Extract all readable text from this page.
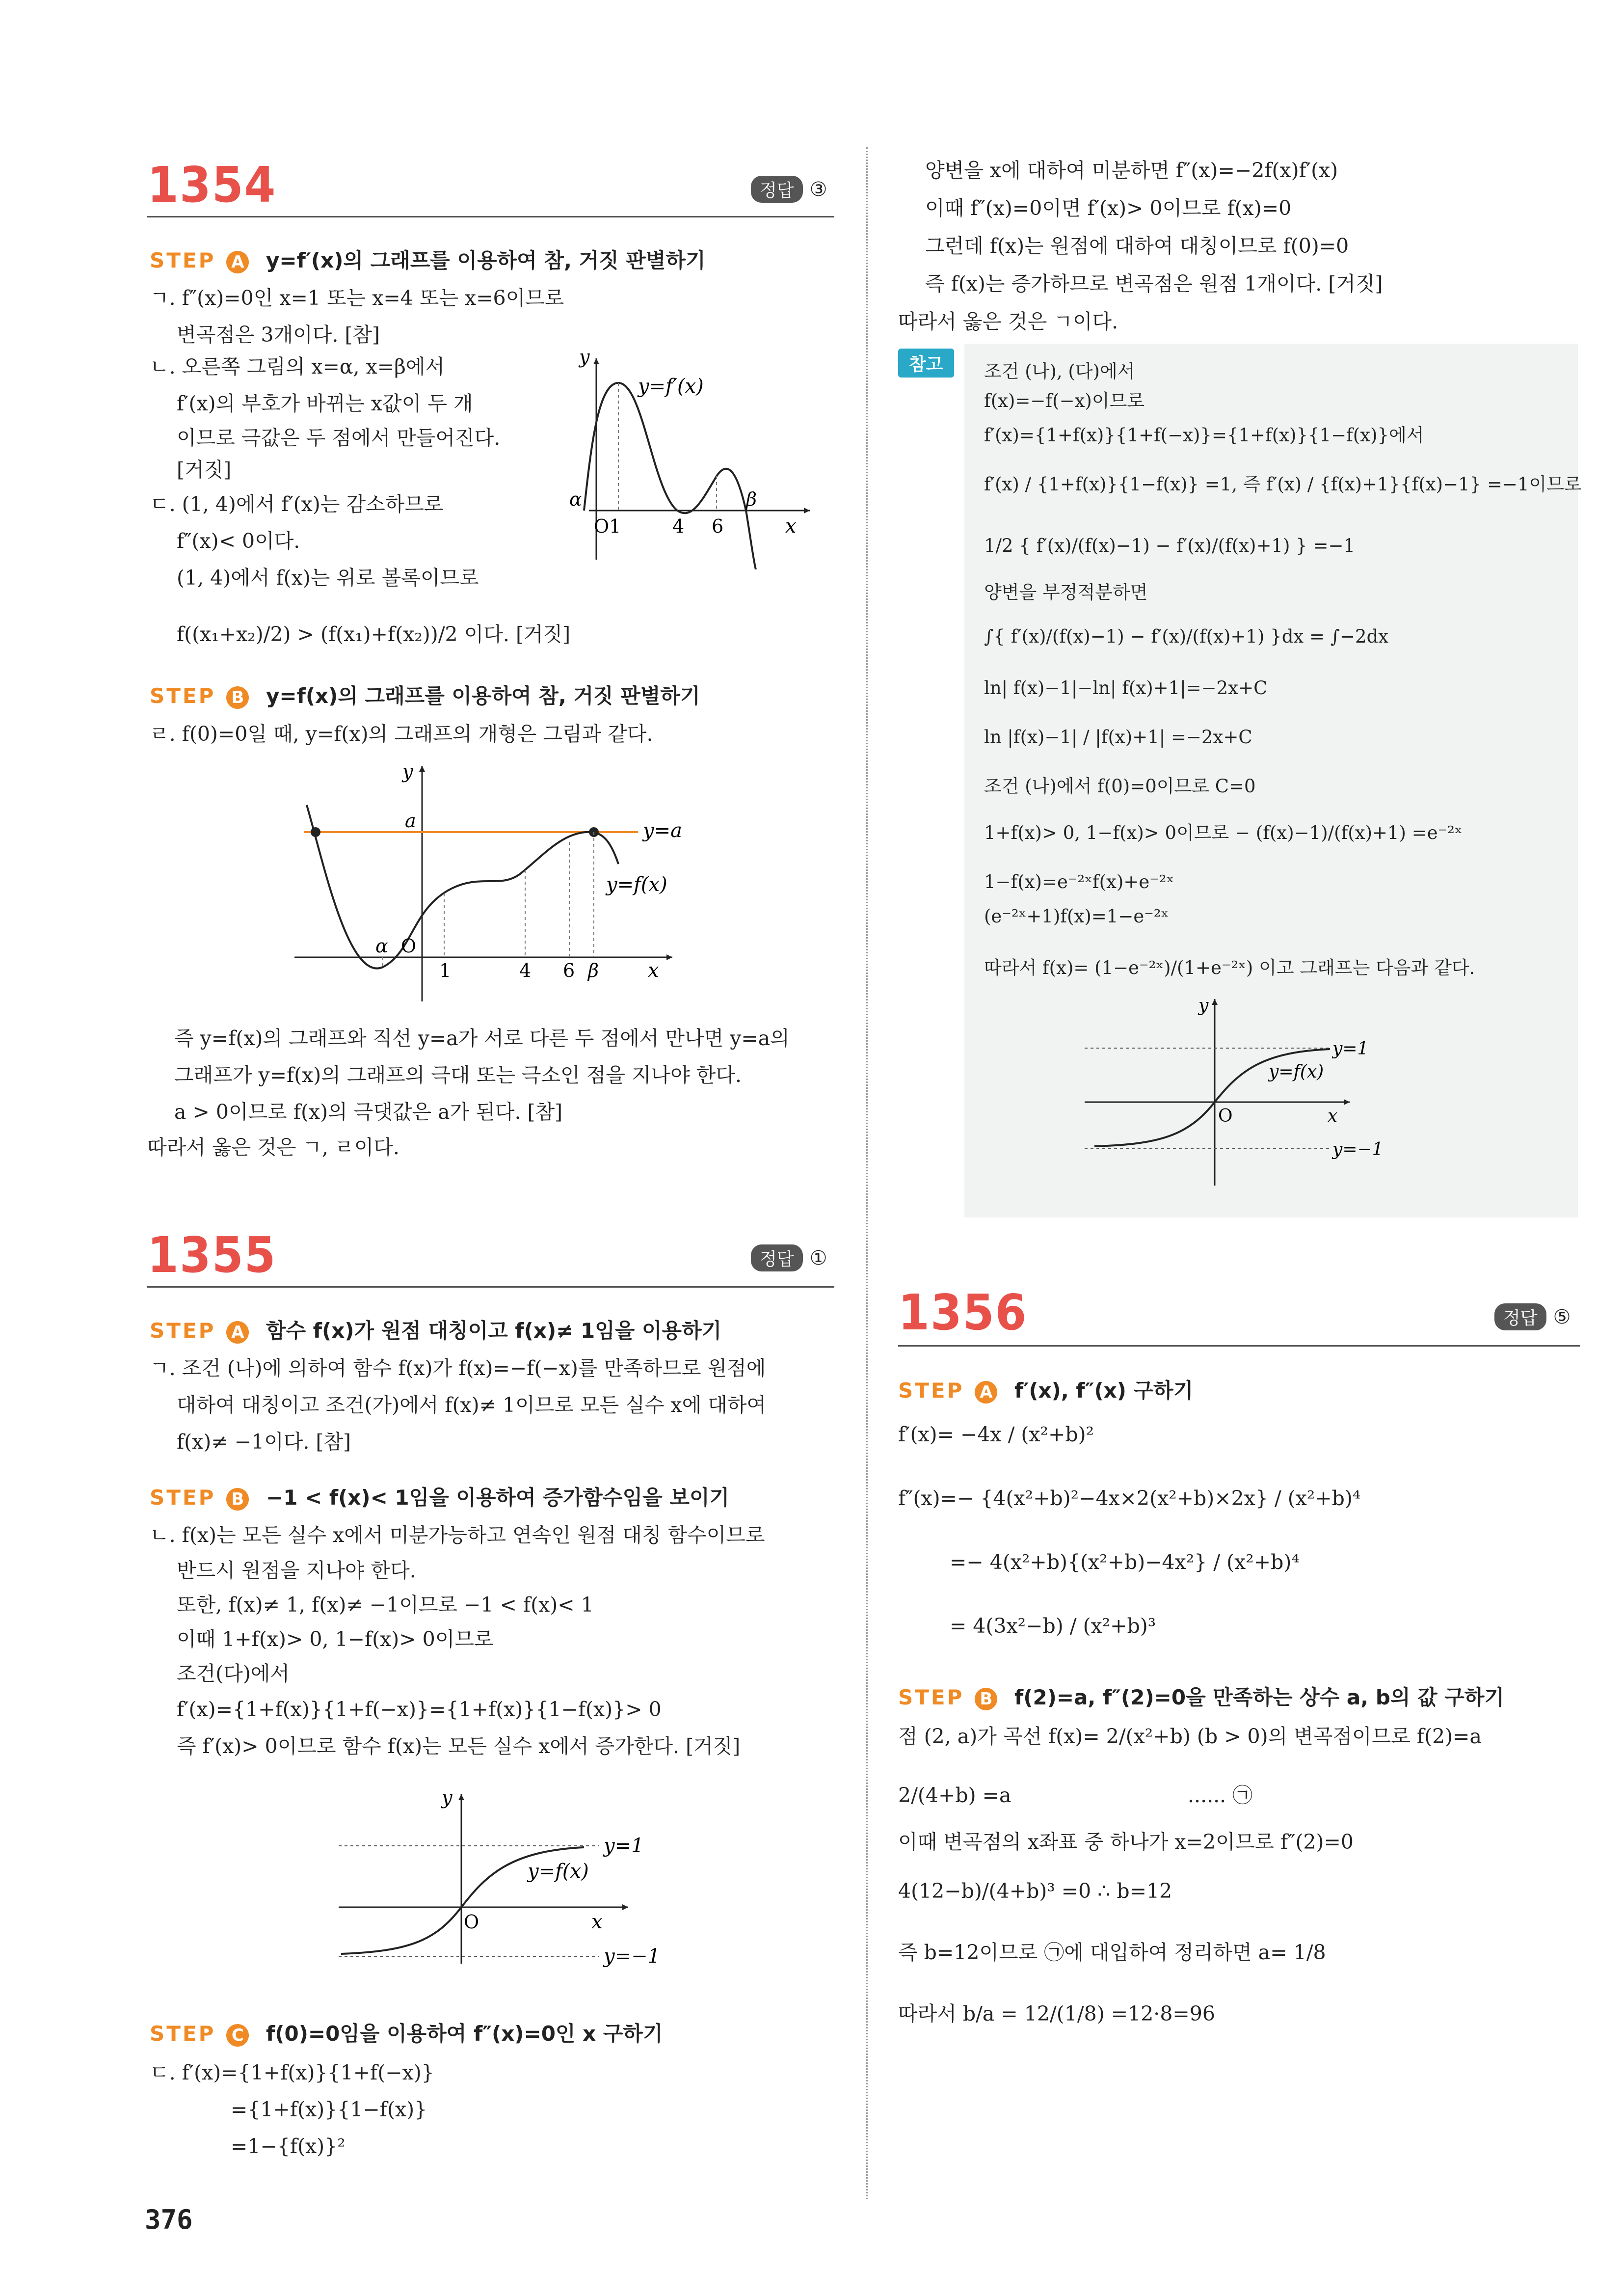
1354	정답 ③
STEP A y=f′(x)의 그래프를 이용하여 참, 거짓 판별하기
ㄱ. f″(x)=0인 x=1 또는 x=4 또는 x=6이므로
변곡점은 3개이다. [참]
ㄴ. 오른쪽 그림의 x=α, x=β에서
f′(x)의 부호가 바뀌는 x값이 두 개
이므로 극값은 두 점에서 만들어진다.
[거짓]
ㄷ. (1, 4)에서 f′(x)는 감소하므로
f″(x)< 0이다.
(1, 4)에서 f(x)는 위로 볼록이므로
f((x₁+x₂)/2) > (f(x₁)+f(x₂))/2 이다. [거짓]
y
y=f′(x)
α	β
O1	4 6	x
STEP B y=f(x)의 그래프를 이용하여 참, 거짓 판별하기
ㄹ. f(0)=0일 때, y=f(x)의 그래프의 개형은 그림과 같다.
y
a	y=a
y=f(x)
α O
1	4 6 β	x
즉 y=f(x)의 그래프와 직선 y=a가 서로 다른 두 점에서 만나면 y=a의
그래프가 y=f(x)의 그래프의 극대 또는 극소인 점을 지나야 한다.
a > 0이므로 f(x)의 극댓값은 a가 된다. [참]
따라서 옳은 것은 ㄱ, ㄹ이다.
1355	정답 ①
STEP A 함수 f(x)가 원점 대칭이고 f(x)≠ 1임을 이용하기
ㄱ. 조건 (나)에 의하여 함수 f(x)가 f(x)=−f(−x)를 만족하므로 원점에
대하여 대칭이고 조건(가)에서 f(x)≠ 1이므로 모든 실수 x에 대하여
f(x)≠ −1이다. [참]
STEP B −1 < f(x)< 1임을 이용하여 증가함수임을 보이기
ㄴ. f(x)는 모든 실수 x에서 미분가능하고 연속인 원점 대칭 함수이므로
반드시 원점을 지나야 한다.
또한, f(x)≠ 1, f(x)≠ −1이므로 −1 < f(x)< 1
이때 1+f(x)> 0, 1−f(x)> 0이므로
조건(다)에서
f′(x)={1+f(x)}{1+f(−x)}={1+f(x)}{1−f(x)}> 0
즉 f′(x)> 0이므로 함수 f(x)는 모든 실수 x에서 증가한다. [거짓]
y
y=1
y=f(x)
O	x
y=−1
STEP C f(0)=0임을 이용하여 f″(x)=0인 x 구하기
ㄷ. f′(x)={1+f(x)}{1+f(−x)}
={1+f(x)}{1−f(x)}
=1−{f(x)}²
376
양변을 x에 대하여 미분하면 f″(x)=−2f(x)f′(x)
이때 f″(x)=0이면 f′(x)> 0이므로 f(x)=0
그런데 f(x)는 원점에 대하여 대칭이므로 f(0)=0
즉 f(x)는 증가하므로 변곡점은 원점 1개이다. [거짓]
따라서 옳은 것은 ㄱ이다.
참고	조건 (나), (다)에서
f(x)=−f(−x)이므로
f′(x)={1+f(x)}{1+f(−x)}={1+f(x)}{1−f(x)}에서
f′(x) / {1+f(x)}{1−f(x)} =1, 즉 f′(x) / {f(x)+1}{f(x)−1} =−1이므로
1/2 { f′(x)/(f(x)−1) − f′(x)/(f(x)+1) } =−1
양변을 부정적분하면
∫{ f′(x)/(f(x)−1) − f′(x)/(f(x)+1) }dx = ∫−2dx
ln| f(x)−1|−ln| f(x)+1|=−2x+C
ln |f(x)−1| / |f(x)+1| =−2x+C
조건 (나)에서 f(0)=0이므로 C=0
1+f(x)> 0, 1−f(x)> 0이므로 − (f(x)−1)/(f(x)+1) =e⁻²ˣ
1−f(x)=e⁻²ˣf(x)+e⁻²ˣ
(e⁻²ˣ+1)f(x)=1−e⁻²ˣ
따라서 f(x)= (1−e⁻²ˣ)/(1+e⁻²ˣ) 이고 그래프는 다음과 같다.
y
y=1
y=f(x)
O	x
y=−1
1356	정답 ⑤
STEP A f′(x), f″(x) 구하기
f′(x)= −4x / (x²+b)²
f″(x)=− {4(x²+b)²−4x×2(x²+b)×2x} / (x²+b)⁴
=− 4(x²+b){(x²+b)−4x²} / (x²+b)⁴
= 4(3x²−b) / (x²+b)³
STEP B f(2)=a, f″(2)=0을 만족하는 상수 a, b의 값 구하기
점 (2, a)가 곡선 f(x)= 2/(x²+b) (b > 0)의 변곡점이므로 f(2)=a
2/(4+b) =a	...... ㉠
이때 변곡점의 x좌표 중 하나가 x=2이므로 f″(2)=0
4(12−b)/(4+b)³ =0 ∴ b=12
즉 b=12이므로 ㉠에 대입하여 정리하면 a= 1/8
따라서 b/a = 12/(1/8) =12·8=96
